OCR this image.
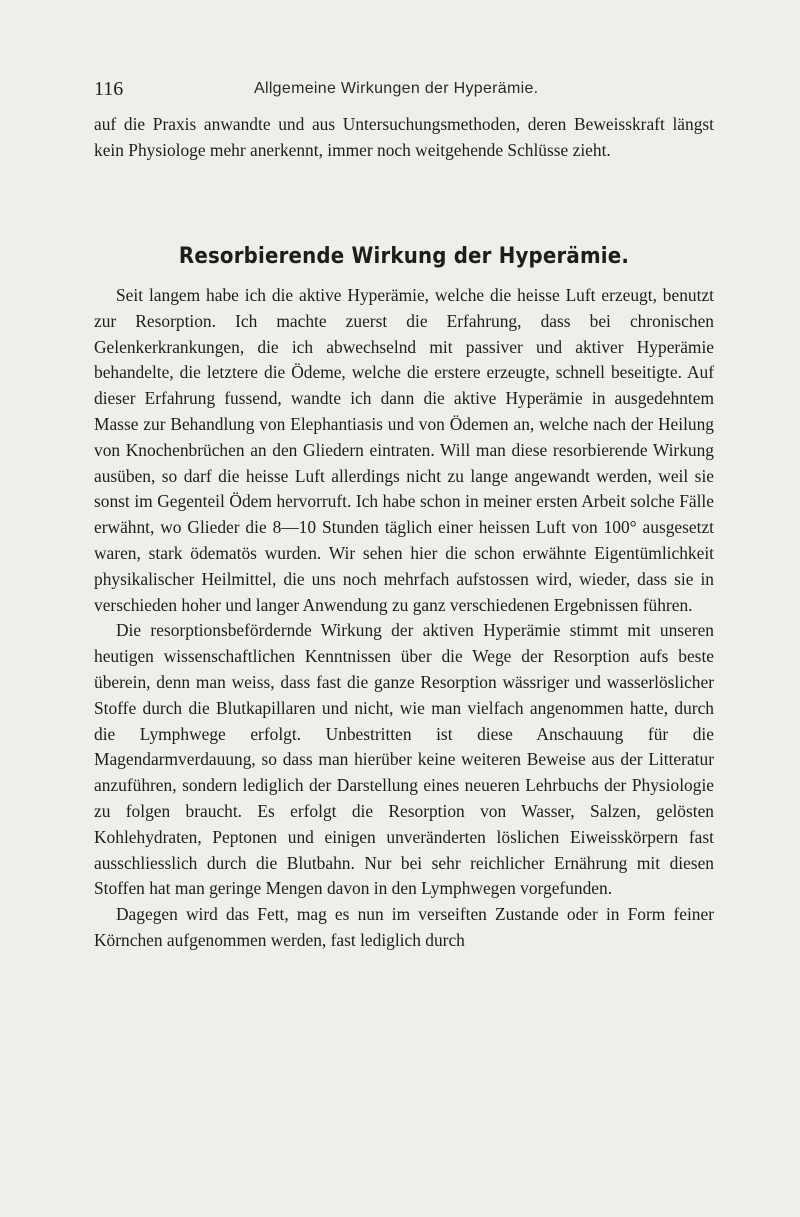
116	Allgemeine Wirkungen der Hyperämie.

auf die Praxis anwandte und aus Untersuchungsmethoden, deren Beweisskraft längst kein Physiologe mehr anerkennt, immer noch weitgehende Schlüsse zieht.

Resorbierende Wirkung der Hyperämie.

Seit langem habe ich die aktive Hyperämie, welche die heisse Luft erzeugt, benutzt zur Resorption. Ich machte zuerst die Erfahrung, dass bei chronischen Gelenkerkrankungen, die ich abwechselnd mit passiver und aktiver Hyperämie behandelte, die letztere die Ödeme, welche die erstere erzeugte, schnell beseitigte. Auf dieser Erfahrung fussend, wandte ich dann die aktive Hyperämie in ausgedehntem Masse zur Behandlung von Elephantiasis und von Ödemen an, welche nach der Heilung von Knochenbrüchen an den Gliedern eintraten. Will man diese resorbierende Wirkung ausüben, so darf die heisse Luft allerdings nicht zu lange angewandt werden, weil sie sonst im Gegenteil Ödem hervorruft. Ich habe schon in meiner ersten Arbeit solche Fälle erwähnt, wo Glieder die 8—10 Stunden täglich einer heissen Luft von 100° ausgesetzt waren, stark ödematös wurden. Wir sehen hier die schon erwähnte Eigentümlichkeit physikalischer Heilmittel, die uns noch mehrfach aufstossen wird, wieder, dass sie in verschieden hoher und langer Anwendung zu ganz verschiedenen Ergebnissen führen.

Die resorptionsbefördernde Wirkung der aktiven Hyperämie stimmt mit unseren heutigen wissenschaftlichen Kenntnissen über die Wege der Resorption aufs beste überein, denn man weiss, dass fast die ganze Resorption wässriger und wasserlöslicher Stoffe durch die Blutkapillaren und nicht, wie man vielfach angenommen hatte, durch die Lymphwege erfolgt. Unbestritten ist diese Anschauung für die Magendarmverdauung, so dass man hierüber keine weiteren Beweise aus der Litteratur anzuführen, sondern lediglich der Darstellung eines neueren Lehrbuchs der Physiologie zu folgen braucht. Es erfolgt die Resorption von Wasser, Salzen, gelösten Kohlehydraten, Peptonen und einigen unveränderten löslichen Eiweisskörpern fast ausschliesslich durch die Blutbahn. Nur bei sehr reichlicher Ernährung mit diesen Stoffen hat man geringe Mengen davon in den Lymphwegen vorgefunden.

Dagegen wird das Fett, mag es nun im verseiften Zustande oder in Form feiner Körnchen aufgenommen werden, fast lediglich durch
